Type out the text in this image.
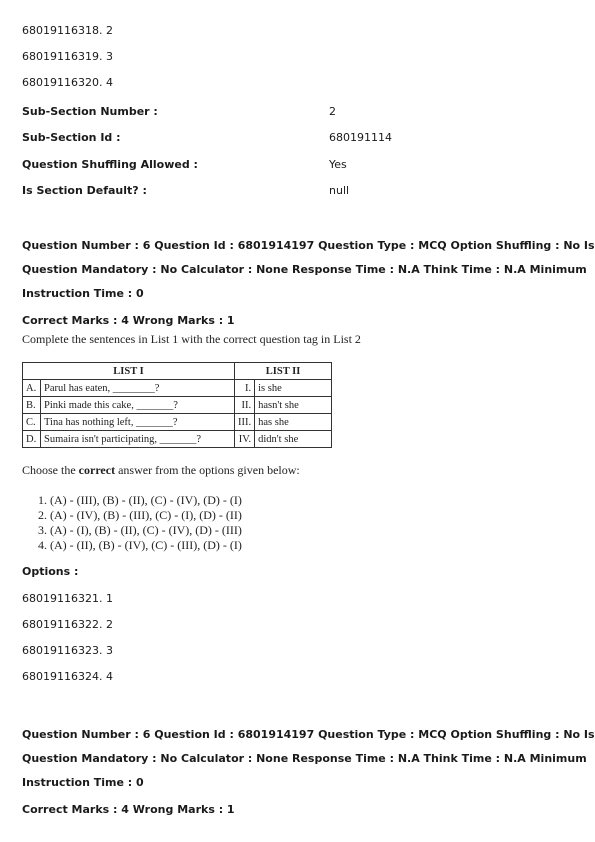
68019116318. 2
68019116319. 3
68019116320. 4
Sub-Section Number :	2
Sub-Section Id :	680191114
Question Shuffling Allowed :	Yes
Is Section Default? :	null
Question Number : 6 Question Id : 6801914197 Question Type : MCQ Option Shuffling : No Is
Question Mandatory : No Calculator : None Response Time : N.A Think Time : N.A Minimum
Instruction Time : 0
Correct Marks : 4 Wrong Marks : 1
Complete the sentences in List 1 with the correct question tag in List 2
LIST I		LIST II	
A.	Parul has eaten, ________?	I.	is she
B.	Pinki made this cake, _______?	II.	hasn't she
C.	Tina has nothing left, _______?	III.	has she
D.	Sumaira isn't participating, _______?	IV.	didn't she
Choose the correct answer from the options given below:
1. (A) - (III), (B) - (II), (C) - (IV), (D) - (I)
2. (A) - (IV), (B) - (III), (C) - (I), (D) - (II)
3. (A) - (I), (B) - (II), (C) - (IV), (D) - (III)
4. (A) - (II), (B) - (IV), (C) - (III), (D) - (I)
Options :
68019116321. 1
68019116322. 2
68019116323. 3
68019116324. 4
Question Number : 6 Question Id : 6801914197 Question Type : MCQ Option Shuffling : No Is
Question Mandatory : No Calculator : None Response Time : N.A Think Time : N.A Minimum
Instruction Time : 0
Correct Marks : 4 Wrong Marks : 1
